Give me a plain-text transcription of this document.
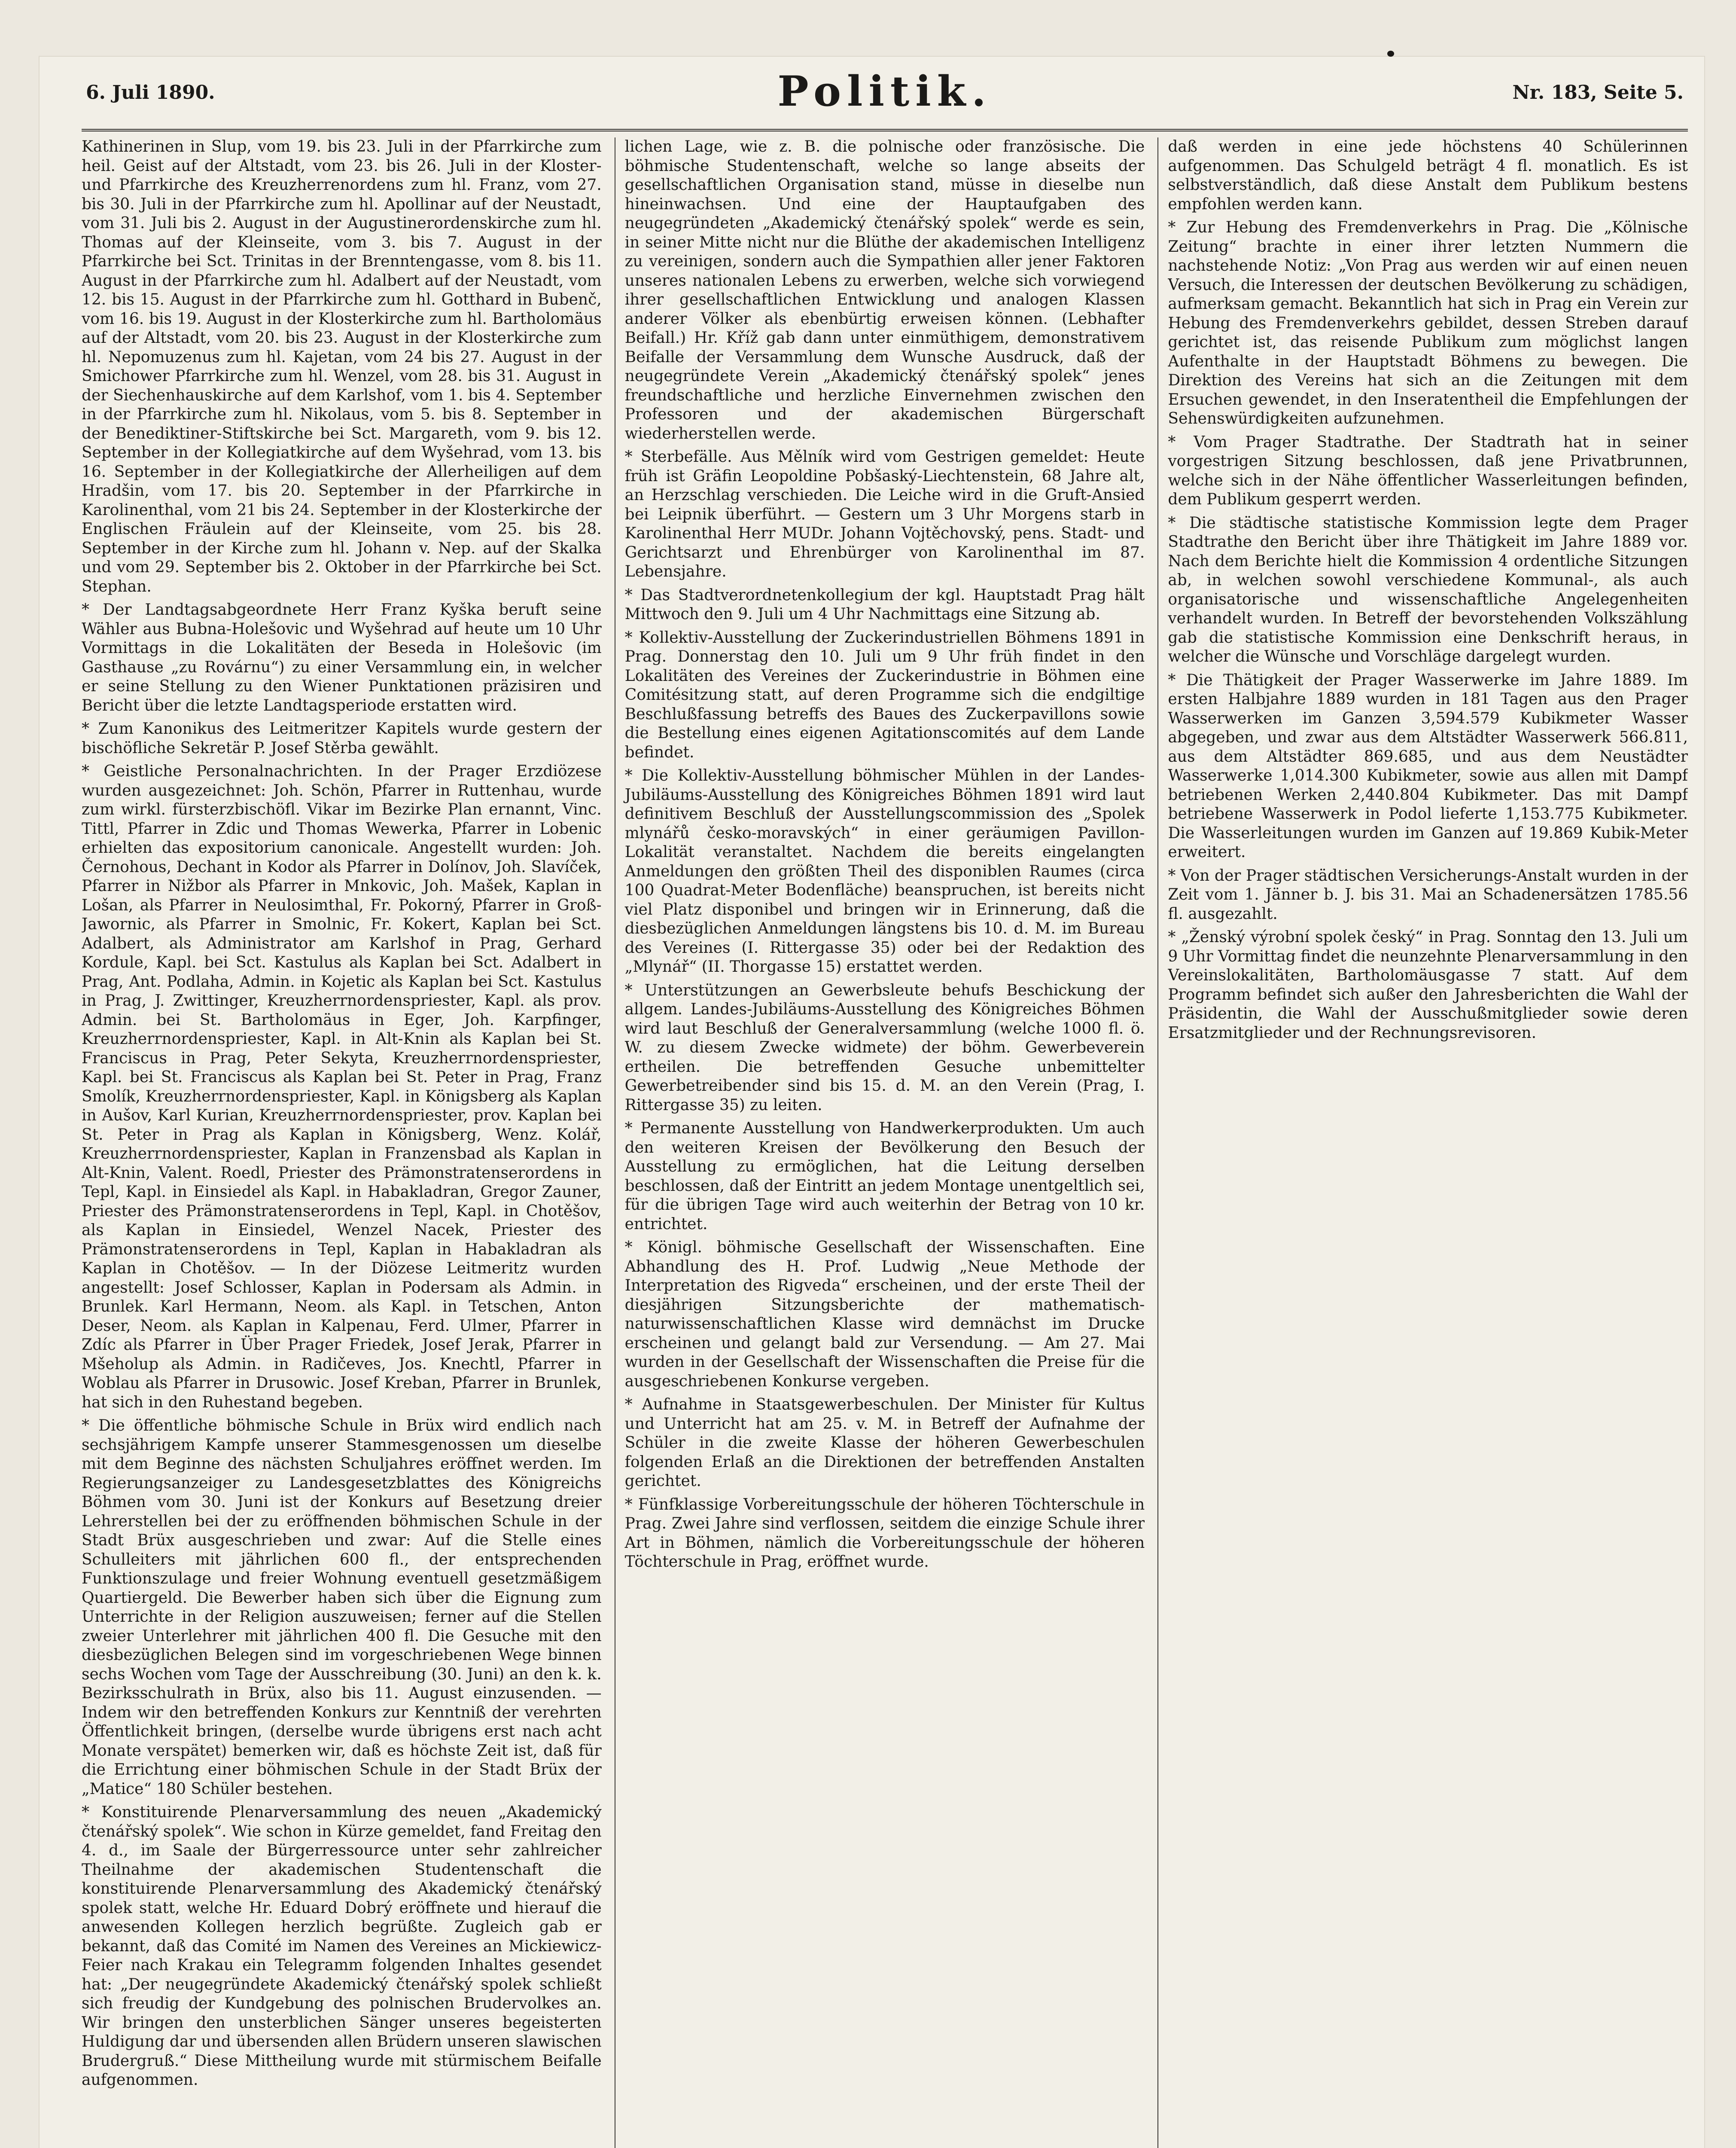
6. Juli 1890.	Politik.	Nr. 183, Seite 5.

Kathinerinen in Slup, vom 19. bis 23. Juli in der Pfarrkirche zum heil. Geist auf der Altstadt, vom 23. bis 26. Juli in der Kloster- und Pfarrkirche des Kreuzherrenordens zum hl. Franz, vom 27. bis 30. Juli in der Pfarrkirche zum hl. Apollinar auf der Neustadt, vom 31. Juli bis 2. August in der Augustinerordenskirche zum hl. Thomas auf der Kleinseite, vom 3. bis 7. August in der Pfarrkirche bei Sct. Trinitas in der Brenntengasse, vom 8. bis 11. August in der Pfarrkirche zum hl. Adalbert auf der Neustadt, vom 12. bis 15. August in der Pfarrkirche zum hl. Gotthard in Bubenč, vom 16. bis 19. August in der Klosterkirche zum hl. Bartholomäus auf der Altstadt, vom 20. bis 23. August in der Klosterkirche zum hl. Nepomuzenus zum hl. Kajetan, vom 24 bis 27. August in der Smichower Pfarrkirche zum hl. Wenzel, vom 28. bis 31. August in der Siechenhauskirche auf dem Karlshof, vom 1. bis 4. September in der Pfarrkirche zum hl. Nikolaus, vom 5. bis 8. September in der Benediktiner-Stiftskirche bei Sct. Margareth, vom 9. bis 12. September in der Kollegiatkirche auf dem Wyšehrad, vom 13. bis 16. September in der Kollegiatkirche der Allerheiligen auf dem Hradšin, vom 17. bis 20. September in der Pfarrkirche in Karolinenthal, vom 21 bis 24. September in der Klosterkirche der Englischen Fräulein auf der Kleinseite, vom 25. bis 28. September in der Kirche zum hl. Johann v. Nep. auf der Skalka und vom 29. September bis 2. Oktober in der Pfarrkirche bei Sct. Stephan.

* Der Landtagsabgeordnete Herr Franz Kyška beruft seine Wähler aus Bubna-Holešovic und Wyšehrad auf heute um 10 Uhr Vormittags in die Lokalitäten der Beseda in Holešovic (im Gasthause „zu Rovárnu“) zu einer Versammlung ein, in welcher er seine Stellung zu den Wiener Punktationen präzisiren und Bericht über die letzte Landtagsperiode erstatten wird.

* Zum Kanonikus des Leitmeritzer Kapitels wurde gestern der bischöfliche Sekretär P. Josef Stěrba gewählt.

* Geistliche Personalnachrichten. In der Prager Erzdiözese wurden ausgezeichnet: Joh. Schön, Pfarrer in Ruttenhau, wurde zum wirkl. fürsterzbischöfl. Vikar im Bezirke Plan ernannt, Vinc. Tittl, Pfarrer in Zdic und Thomas Wewerka, Pfarrer in Lobenic erhielten das expositorium canonicale. Angestellt wurden: Joh. Černohous, Dechant in Kodor als Pfarrer in Dolínov, Joh. Slavíček, Pfarrer in Nižbor als Pfarrer in Mnkovic, Joh. Mašek, Kaplan in Lošan, als Pfarrer in Neulosimthal, Fr. Pokorný, Pfarrer in Groß-Jawornic, als Pfarrer in Smolnic, Fr. Kokert, Kaplan bei Sct. Adalbert, als Administrator am Karlshof in Prag, Gerhard Kordule, Kapl. bei Sct. Kastulus als Kaplan bei Sct. Adalbert in Prag, Ant. Podlaha, Admin. in Kojetic als Kaplan bei Sct. Kastulus in Prag, J. Zwittinger, Kreuzherrnordenspriester, Kapl. als prov. Admin. bei St. Bartholomäus in Eger, Joh. Karpfinger, Kreuzherrnordenspriester, Kapl. in Alt-Knin als Kaplan bei St. Franciscus in Prag, Peter Sekyta, Kreuzherrnordenspriester, Kapl. bei St. Franciscus als Kaplan bei St. Peter in Prag, Franz Smolík, Kreuzherrnordenspriester, Kapl. in Königsberg als Kaplan in Aušov, Karl Kurian, Kreuzherrnordenspriester, prov. Kaplan bei St. Peter in Prag als Kaplan in Königsberg, Wenz. Kolář, Kreuzherrnordenspriester, Kaplan in Franzensbad als Kaplan in Alt-Knin, Valent. Roedl, Priester des Prämonstratenserordens in Tepl, Kapl. in Einsiedel als Kapl. in Habakladran, Gregor Zauner, Priester des Prämonstratenserordens in Tepl, Kapl. in Chotěšov, als Kaplan in Einsiedel, Wenzel Nacek, Priester des Prämonstratenserordens in Tepl, Kaplan in Habakladran als Kaplan in Chotěšov. — In der Diözese Leitmeritz wurden angestellt: Josef Schlosser, Kaplan in Podersam als Admin. in Brunlek. Karl Hermann, Neom. als Kapl. in Tetschen, Anton Deser, Neom. als Kaplan in Kalpenau, Ferd. Ulmer, Pfarrer in Zdíc als Pfarrer in Über Prager Friedek, Josef Jerak, Pfarrer in Mšeholup als Admin. in Radičeves, Jos. Knechtl, Pfarrer in Woblau als Pfarrer in Drusowic. Josef Kreban, Pfarrer in Brunlek, hat sich in den Ruhestand begeben.

* Die öffentliche böhmische Schule in Brüx wird endlich nach sechsjährigem Kampfe unserer Stammesgenossen um dieselbe mit dem Beginne des nächsten Schuljahres eröffnet werden. Im Regierungsanzeiger zu Landesgesetzblattes des Königreichs Böhmen vom 30. Juni ist der Konkurs auf Besetzung dreier Lehrerstellen bei der zu eröffnenden böhmischen Schule in der Stadt Brüx ausgeschrieben und zwar: Auf die Stelle eines Schulleiters mit jährlichen 600 fl., der entsprechenden Funktionszulage und freier Wohnung eventuell gesetzmäßigem Quartiergeld. Die Bewerber haben sich über die Eignung zum Unterrichte in der Religion auszuweisen; ferner auf die Stellen zweier Unterlehrer mit jährlichen 400 fl. Die Gesuche mit den diesbezüglichen Belegen sind im vorgeschriebenen Wege binnen sechs Wochen vom Tage der Ausschreibung (30. Juni) an den k. k. Bezirksschulrath in Brüx, also bis 11. August einzusenden. — Indem wir den betreffenden Konkurs zur Kenntniß der verehrten Öffentlichkeit bringen, (derselbe wurde übrigens erst nach acht Monate verspätet) bemerken wir, daß es höchste Zeit ist, daß für die Errichtung einer böhmischen Schule in der Stadt Brüx der „Matice“ 180 Schüler bestehen.

* Konstituirende Plenarversammlung des neuen „Akademický čtenářský spolek“. Wie schon in Kürze gemeldet, fand Freitag den 4. d., im Saale der Bürgerressource unter sehr zahlreicher Theilnahme der akademischen Studentenschaft die konstituirende Plenarversammlung des Akademický čtenářský spolek statt, welche Hr. Eduard Dobrý eröffnete und hierauf die anwesenden Kollegen herzlich begrüßte. Zugleich gab er bekannt, daß das Comité im Namen des Vereines an Mickiewicz-Feier nach Krakau ein Telegramm folgenden Inhaltes gesendet hat: „Der neugegründete Akademický čtenářský spolek schließt sich freudig der Kundgebung des polnischen Brudervolkes an. Wir bringen den unsterblichen Sänger unseres begeisterten Huldigung dar und übersenden allen Brüdern unseren slawischen Brudergruß.“ Diese Mittheilung wurde mit stürmischem Beifalle aufgenommen.

lichen Lage, wie z. B. die polnische oder französische. Die böhmische Studentenschaft, welche so lange abseits der gesellschaftlichen Organisation stand, müsse in dieselbe nun hineinwachsen. Und eine der Hauptaufgaben des neugegründeten „Akademický čtenářský spolek“ werde es sein, in seiner Mitte nicht nur die Blüthe der akademischen Intelligenz zu vereinigen, sondern auch die Sympathien aller jener Faktoren unseres nationalen Lebens zu erwerben, welche sich vorwiegend ihrer gesellschaftlichen Entwicklung und analogen Klassen anderer Völker als ebenbürtig erweisen können. (Lebhafter Beifall.) Hr. Kříž gab dann unter einmüthigem, demonstrativem Beifalle der Versammlung dem Wunsche Ausdruck, daß der neugegründete Verein „Akademický čtenářský spolek“ jenes freundschaftliche und herzliche Einvernehmen zwischen den Professoren und der akademischen Bürgerschaft wiederherstellen werde.

* Sterbefälle. Aus Mělník wird vom Gestrigen gemeldet: Heute früh ist Gräfin Leopoldine Pobšaský-Liechtenstein, 68 Jahre alt, an Herzschlag verschieden. Die Leiche wird in die Gruft-Ansied bei Leipnik überführt. — Gestern um 3 Uhr Morgens starb in Karolinenthal Herr MUDr. Johann Vojtěchovský, pens. Stadt- und Gerichtsarzt und Ehrenbürger von Karolinenthal im 87. Lebensjahre.

* Das Stadtverordnetenkollegium der kgl. Hauptstadt Prag hält Mittwoch den 9. Juli um 4 Uhr Nachmittags eine Sitzung ab.

* Kollektiv-Ausstellung der Zuckerindustriellen Böhmens 1891 in Prag. Donnerstag den 10. Juli um 9 Uhr früh findet in den Lokalitäten des Vereines der Zuckerindustrie in Böhmen eine Comitésitzung statt, auf deren Programme sich die endgiltige Beschlußfassung betreffs des Baues des Zuckerpavillons sowie die Bestellung eines eigenen Agitationscomités auf dem Lande befindet.

* Die Kollektiv-Ausstellung böhmischer Mühlen in der Landes-Jubiläums-Ausstellung des Königreiches Böhmen 1891 wird laut definitivem Beschluß der Ausstellungscommission des „Spolek mlynářů česko-moravských“ in einer geräumigen Pavillon-Lokalität veranstaltet. Nachdem die bereits eingelangten Anmeldungen den größten Theil des disponiblen Raumes (circa 100 Quadrat-Meter Bodenfläche) beanspruchen, ist bereits nicht viel Platz disponibel und bringen wir in Erinnerung, daß die diesbezüglichen Anmeldungen längstens bis 10. d. M. im Bureau des Vereines (I. Rittergasse 35) oder bei der Redaktion des „Mlynář“ (II. Thorgasse 15) erstattet werden.

* Unterstützungen an Gewerbsleute behufs Beschickung der allgem. Landes-Jubiläums-Ausstellung des Königreiches Böhmen wird laut Beschluß der Generalversammlung (welche 1000 fl. ö. W. zu diesem Zwecke widmete) der böhm. Gewerbeverein ertheilen. Die betreffenden Gesuche unbemittelter Gewerbetreibender sind bis 15. d. M. an den Verein (Prag, I. Rittergasse 35) zu leiten.

* Permanente Ausstellung von Handwerkerprodukten. Um auch den weiteren Kreisen der Bevölkerung den Besuch der Ausstellung zu ermöglichen, hat die Leitung derselben beschlossen, daß der Eintritt an jedem Montage unentgeltlich sei, für die übrigen Tage wird auch weiterhin der Betrag von 10 kr. entrichtet.

* Königl. böhmische Gesellschaft der Wissenschaften. Eine Abhandlung des H. Prof. Ludwig „Neue Methode der Interpretation des Rigveda“ erscheinen, und der erste Theil der diesjährigen Sitzungsberichte der mathematisch-naturwissenschaftlichen Klasse wird demnächst im Drucke erscheinen und gelangt bald zur Versendung. — Am 27. Mai wurden in der Gesellschaft der Wissenschaften die Preise für die ausgeschriebenen Konkurse vergeben.

* Aufnahme in Staatsgewerbeschulen. Der Minister für Kultus und Unterricht hat am 25. v. M. in Betreff der Aufnahme der Schüler in die zweite Klasse der höheren Gewerbeschulen folgenden Erlaß an die Direktionen der betreffenden Anstalten gerichtet.

* Fünfklassige Vorbereitungsschule der höheren Töchterschule in Prag. Zwei Jahre sind verflossen, seitdem die einzige Schule ihrer Art in Böhmen, nämlich die Vorbereitungsschule der höheren Töchterschule in Prag, eröffnet wurde.

daß werden in eine jede höchstens 40 Schülerinnen aufgenommen. Das Schulgeld beträgt 4 fl. monatlich. Es ist selbstverständlich, daß diese Anstalt dem Publikum bestens empfohlen werden kann.

* Zur Hebung des Fremdenverkehrs in Prag. Die „Kölnische Zeitung“ brachte in einer ihrer letzten Nummern die nachstehende Notiz: „Von Prag aus werden wir auf einen neuen Versuch, die Interessen der deutschen Bevölkerung zu schädigen, aufmerksam gemacht. Bekanntlich hat sich in Prag ein Verein zur Hebung des Fremdenverkehrs gebildet, dessen Streben darauf gerichtet ist, das reisende Publikum zum möglichst langen Aufenthalte in der Hauptstadt Böhmens zu bewegen. Die Direktion des Vereins hat sich an die Zeitungen mit dem Ersuchen gewendet, in den Inseratentheil die Empfehlungen der Sehenswürdigkeiten aufzunehmen.

* Vom Prager Stadtrathe. Der Stadtrath hat in seiner vorgestrigen Sitzung beschlossen, daß jene Privatbrunnen, welche sich in der Nähe öffentlicher Wasserleitungen befinden, dem Publikum gesperrt werden.

* Die städtische statistische Kommission legte dem Prager Stadtrathe den Bericht über ihre Thätigkeit im Jahre 1889 vor. Nach dem Berichte hielt die Kommission 4 ordentliche Sitzungen ab, in welchen sowohl verschiedene Kommunal-, als auch organisatorische und wissenschaftliche Angelegenheiten verhandelt wurden. In Betreff der bevorstehenden Volkszählung gab die statistische Kommission eine Denkschrift heraus, in welcher die Wünsche und Vorschläge dargelegt wurden.

* Die Thätigkeit der Prager Wasserwerke im Jahre 1889. Im ersten Halbjahre 1889 wurden in 181 Tagen aus den Prager Wasserwerken im Ganzen 3,594.579 Kubikmeter Wasser abgegeben, und zwar aus dem Altstädter Wasserwerk 566.811, aus dem Altstädter 869.685, und aus dem Neustädter Wasserwerke 1,014.300 Kubikmeter, sowie aus allen mit Dampf betriebenen Werken 2,440.804 Kubikmeter. Das mit Dampf betriebene Wasserwerk in Podol lieferte 1,153.775 Kubikmeter. Die Wasserleitungen wurden im Ganzen auf 19.869 Kubik-Meter erweitert.

* Von der Prager städtischen Versicherungs-Anstalt wurden in der Zeit vom 1. Jänner b. J. bis 31. Mai an Schadenersätzen 1785.56 fl. ausgezahlt.

* „Ženský výrobní spolek český“ in Prag. Sonntag den 13. Juli um 9 Uhr Vormittag findet die neunzehnte Plenarversammlung in den Vereinslokalitäten, Bartholomäusgasse 7 statt. Auf dem Programm befindet sich außer den Jahresberichten die Wahl der Präsidentin, die Wahl der Ausschußmitglieder sowie deren Ersatzmitglieder und der Rechnungsrevisoren.
